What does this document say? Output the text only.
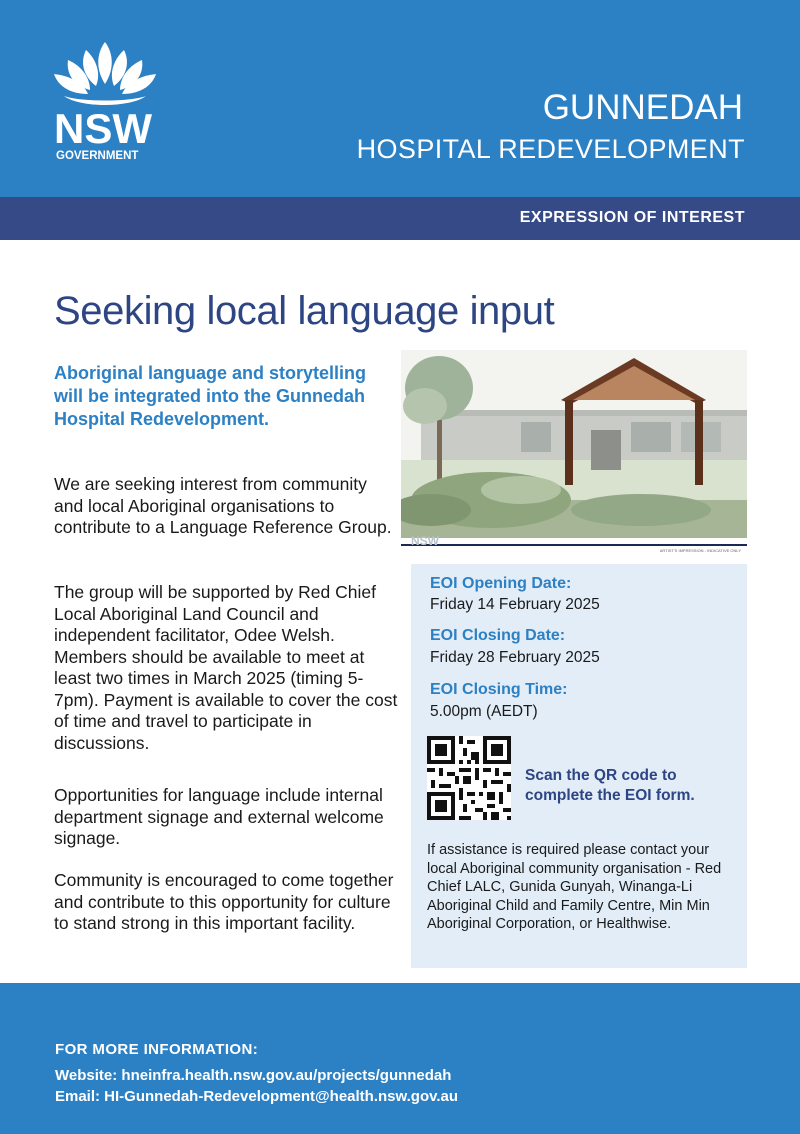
NSW
GOVERNMENT
GUNNEDAH
HOSPITAL REDEVELOPMENT
EXPRESSION OF INTEREST
Seeking local language input
Aboriginal language and storytelling will be integrated into the Gunnedah Hospital Redevelopment.
We are seeking interest from community and local Aboriginal organisations to contribute to a Language Reference Group.
The group will be supported by Red Chief Local Aboriginal Land Council and independent facilitator, Odee Welsh. Members should be available to meet at least two times in March 2025 (timing 5-7pm). Payment is available to cover the cost of time and travel to participate in discussions.
Opportunities for language include internal department signage and external welcome signage.
Community is encouraged to come together and contribute to this opportunity for culture to stand strong in this important facility.
NSW
ARTIST'S IMPRESSION - INDICATIVE ONLY
EOI Opening Date:
Friday 14 February 2025
EOI Closing Date:
Friday 28 February 2025
EOI Closing Time:
5.00pm (AEDT)
Scan the QR code to complete the EOI form.
If assistance is required please contact your local Aboriginal community organisation - Red Chief LALC, Gunida Gunyah, Winanga-Li Aboriginal Child and Family Centre, Min Min Aboriginal Corporation, or Healthwise.
FOR MORE INFORMATION:
Website: hneinfra.health.nsw.gov.au/projects/gunnedah
Email: HI-Gunnedah-Redevelopment@health.nsw.gov.au
